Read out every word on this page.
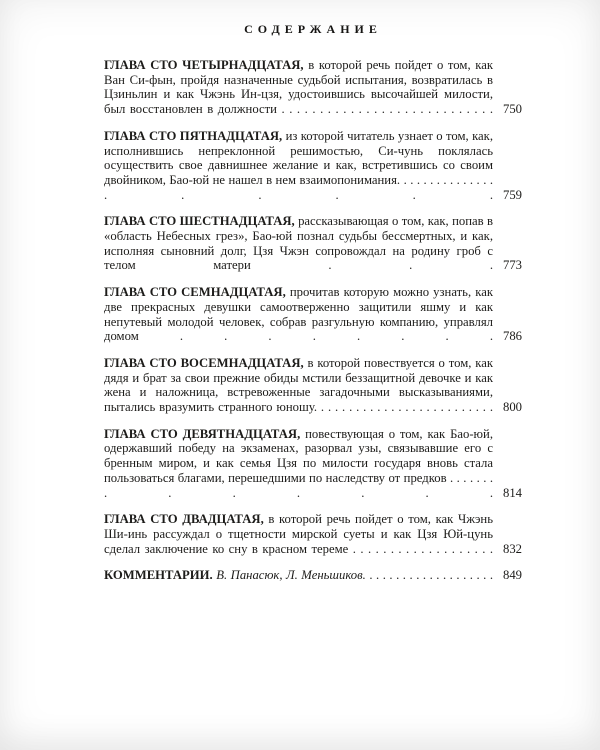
СОДЕРЖАНИЕ

ГЛАВА СТО ЧЕТЫРНАДЦАТАЯ, в которой речь пойдет о том, как Ван Си-фын, пройдя назначенные судьбой испытания, возвратилась в Цзиньлин и как Чжэнь Ин-цзя, удостоившись высочайшей милости, был восстановлен в должности . . . . . . . . . . . . . . . . . . . . . . . . . . . . 750

ГЛАВА СТО ПЯТНАДЦАТАЯ, из которой читатель узнает о том, как, исполнившись непреклонной решимостью, Си-чунь поклялась осуществить свое давнишнее желание и как, встретившись со своим двойником, Бао-юй не нашел в нем взаимопонимания. . . . . . . . . . . . . . . . . . . . . 759

ГЛАВА СТО ШЕСТНАДЦАТАЯ, рассказывающая о том, как, попав в «область Небесных грез», Бао-юй познал судьбы бессмертных, и как, исполняя сыновний долг, Цзя Чжэн сопровождал на родину гроб с телом матери	. . . 773

ГЛАВА СТО СЕМНАДЦАТАЯ, прочитав которую можно узнать, как две прекрасных девушки самоотверженно защитили яшму и как непутевый молодой человек, собрав разгульную компанию, управлял домом	. . . . . . . . 786

ГЛАВА СТО ВОСЕМНАДЦАТАЯ, в которой повествуется о том, как дядя и брат за свои прежние обиды мстили беззащитной девочке и как жена и наложница, встревоженные загадочными высказываниями, пытались вразумить странного юношу. . . . . . . . . . . . . . . . . . . . . . . . . . 800

ГЛАВА СТО ДЕВЯТНАДЦАТАЯ, повествующая о том, как Бао-юй, одержавший победу на экзаменах, разорвал узы, связывавшие его с бренным миром, и как семья Цзя по милости государя вновь стала пользоваться благами, перешедшими по наследству от предков . . . . . . . . . . . . . . 814

ГЛАВА СТО ДВАДЦАТАЯ, в которой речь пойдет о том, как Чжэнь Ши-инь рассуждал о тщетности мирской суеты и как Цзя Юй-цунь сделал заключение ко сну в красном тереме . . . . . . . . . . . . . . . . . . . 832

КОММЕНТАРИИ. В. Панасюк, Л. Меньшиков. . . . . . . . . . . . . . . . . . . . 849
